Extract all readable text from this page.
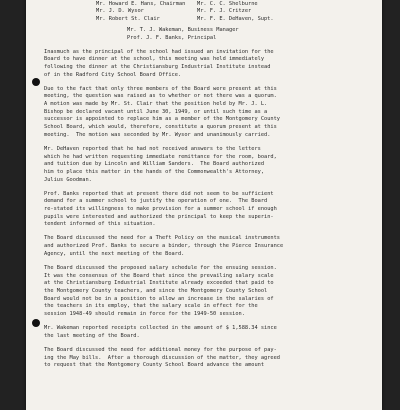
Mr. Howard E. Hans, Chairman Mr. C. C. Shelburne
Mr. J. D. Wysor	Mr. F. J. Critzer
Mr. Robert St. Clair	Mr. F. E. DeHaven, Supt.
Mr. T. J. Wakeman, Business Manager
Prof. J. F. Banks, Principal
Inasmuch as the principal of the school had issued an invitation for the
Board to have dinner at the school, this meeting was held immediately
following the dinner at the Christiansburg Industrial Institute instead
of in the Radford City School Board Office.
Due to the fact that only three members of the Board were present at this
meeting, the question was raised as to whether or not there was a quorum.
A motion was made by Mr. St. Clair that the position held by Mr. J. L.
Bishop be declared vacant until June 30, 1949, or until such time as a
successor is appointed to replace him as a member of the Montgomery County
School Board, which would, therefore, constitute a quorum present at this
meeting.  The motion was seconded by Mr. Wysor and unanimously carried.
Mr. DeHaven reported that he had not received answers to the letters
which he had written requesting immediate remittance for the room, board,
and tuition due by Lincoln and William Sanders.  The Board authorized
him to place this matter in the hands of the Commonwealth's Attorney,
Julius Goodman.
Prof. Banks reported that at present there did not seem to be sufficient
demand for a summer school to justify the operation of one.  The Board
re-stated its willingness to make provision for a summer school if enough
pupils were interested and authorized the principal to keep the superin-
tendent informed of this situation.
The Board discussed the need for a Theft Policy on the musical instruments
and authorized Prof. Banks to secure a binder, through the Pierce Insurance
Agency, until the next meeting of the Board.
The Board discussed the proposed salary schedule for the ensuing session.
It was the consensus of the Board that since the prevailing salary scale
at the Christiansburg Industrial Institute already exceeded that paid to
the Montgomery County teachers, and since the Montgomery County School
Board would not be in a position to allow an increase in the salaries of
the teachers in its employ, that the salary scale in effect for the
session 1948-49 should remain in force for the 1949-50 session.
Mr. Wakeman reported receipts collected in the amount of $ 1,588.34 since
the last meeting of the Board.
The Board discussed the need for additional money for the purpose of pay-
ing the May bills.  After a thorough discussion of the matter, they agreed
to request that the Montgomery County School Board advance the amount
